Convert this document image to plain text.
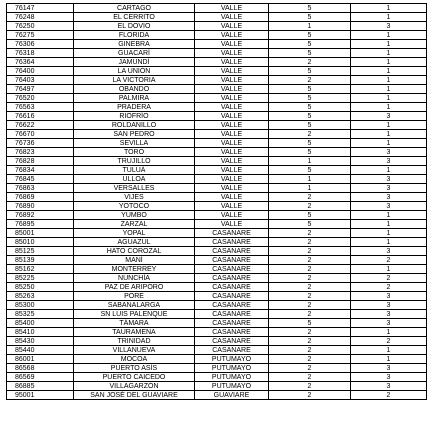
76147	CARTAGO	VALLE	5	1
76248	EL CERRITO	VALLE	5	1
76250	EL DOVIO	VALLE	1	3
76275	FLORIDA	VALLE	5	1
76306	GINEBRA	VALLE	5	1
76318	GUACARÍ	VALLE	5	1
76364	JAMUNDÍ	VALLE	2	1
76400	LA UNIÓN	VALLE	5	1
76403	LA VICTORIA	VALLE	2	1
76497	OBANDO	VALLE	5	1
76520	PALMIRA	VALLE	5	1
76563	PRADERA	VALLE	5	1
76616	RIOFRÍO	VALLE	5	3
76622	ROLDANILLO	VALLE	5	1
76670	SAN PEDRO	VALLE	2	1
76736	SEVILLA	VALLE	5	1
76823	TORO	VALLE	5	3
76828	TRUJILLO	VALLE	1	3
76834	TULUÁ	VALLE	5	1
76845	ULLOA	VALLE	1	3
76863	VERSALLES	VALLE	1	3
76869	VIJES	VALLE	2	3
76890	YOTOCO	VALLE	2	3
76892	YUMBO	VALLE	5	1
76895	ZARZAL	VALLE	5	1
85001	YOPAL	CASANARE	2	1
85010	AGUAZUL	CASANARE	2	1
85125	HATO COROZAL	CASANARE	2	3
85139	MANÍ	CASANARE	2	2
85162	MONTERREY	CASANARE	2	1
85225	NUNCHÍA	CASANARE	2	2
85250	PAZ DE ARIPORO	CASANARE	2	2
85263	PORE	CASANARE	2	3
85300	SABANALARGA	CASANARE	2	3
85325	SN LUIS PALENQUE	CASANARE	2	3
85400	TÁMARA	CASANARE	5	3
85410	TAURAMENA	CASANARE	2	1
85430	TRINIDAD	CASANARE	2	2
85440	VILLANUEVA	CASANARE	2	1
86001	MOCOA	PUTUMAYO	2	1
86568	PUERTO ASÍS	PUTUMAYO	2	3
86569	PUERTO CAICEDO	PUTUMAYO	2	3
86885	VILLAGARZÓN	PUTUMAYO	2	3
95001	SAN JOSÉ DEL GUAVIARE	GUAVIARE	2	2
